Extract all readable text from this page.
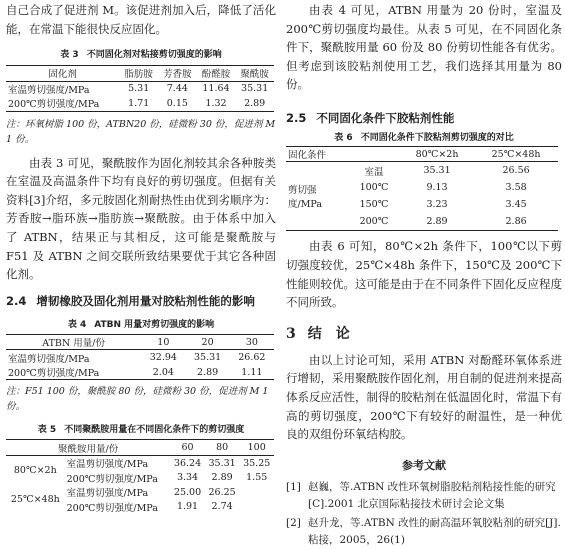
自己合成了促进剂 M。该促进剂加入后，降低了活化能，在常温下能很快反应固化。

表 3 不同固化剂对粘接剪切强度的影响
固化剂	脂肪胺	芳香胺	酚醛胺	聚酰胺
室温剪切强度/MPa	5.31	7.44	11.64	35.31
200℃剪切强度/MPa	1.71	0.15	1.32	2.89

注：环氧树脂 100 份，ATBN20 份，硅微粉 30 份，促进剂 M 1 份。

由表 3 可见，聚酰胺作为固化剂较其余各种胺类在室温及高温条件下均有良好的剪切强度。但据有关资料[3]介绍，多元胺固化剂耐热性由优到劣顺序为：芳香胺→脂环族→脂肪族→聚酰胺。由于体系中加入了 ATBN，结果正与其相反，这可能是聚酰胺与 F51 及 ATBN 之间交联所致结果要优于其它各种固化剂。

2.4 增韧橡胶及固化剂用量对胶粘剂性能的影响
表 4 ATBN 用量对剪切强度的影响
ATBN 用量/份	10	20	30
室温剪切强度/MPa	32.94	35.31	26.62
200℃剪切强度/MPa	2.04	2.89	1.11

注：F51 100 份，聚酰胺 80 份，硅微粉 30 份，促进剂 M 1 份。

表 5 不同聚酰胺用量在不同固化条件下的剪切强度
聚酰胺用量/份		60	80	100
80℃×2h	室温剪切强度/MPa	36.24	35.31	35.25
	200℃剪切强度/MPa	3.34	2.89	1.55
25℃×48h	室温剪切强度/MPa	25.00	26.25	
	200℃剪切强度/MPa	1.91	2.74	

由表 4 可见，ATBN 用量为 20 份时，室温及 200℃剪切强度均最佳。从表 5 可见，在不同固化条件下，聚酰胺用量 60 份及 80 份剪切性能各有优劣。但考虑到该胶粘剂使用工艺，我们选择其用量为 80 份。

2.5 不同固化条件下胶粘剂性能
表 6 不同固化条件下胶粘剂剪切强度的对比
固化条件		80℃×2h	25℃×48h
剪切强度/MPa	室温	35.31	26.56
	100℃	9.13	3.58
	150℃	3.23	3.45
	200℃	2.89	2.86

由表 6 可知，80℃×2h 条件下，100℃以下剪切强度较优，25℃×48h 条件下，150℃及 200℃下性能则较优。这可能是由于在不同条件下固化反应程度不同所致。

3 结　论

由以上讨论可知，采用 ATBN 对酚醛环氧体系进行增韧，采用聚酰胺作固化剂，用自制的促进剂来提高体系反应活性，制得的胶粘剂在低温固化时，常温下有高的剪切强度，200℃下有较好的耐温性，是一种优良的双组份环氧结构胶。

参考文献

[1] 赵巍，等.ATBN 改性环氧树脂胶粘剂粘接性能的研究[C].2001 北京国际粘接技术研讨会论文集

[2] 赵升龙，等.ATBN 改性的耐高温环氧胶粘剂的研究[J].粘接，2005，26(1)
